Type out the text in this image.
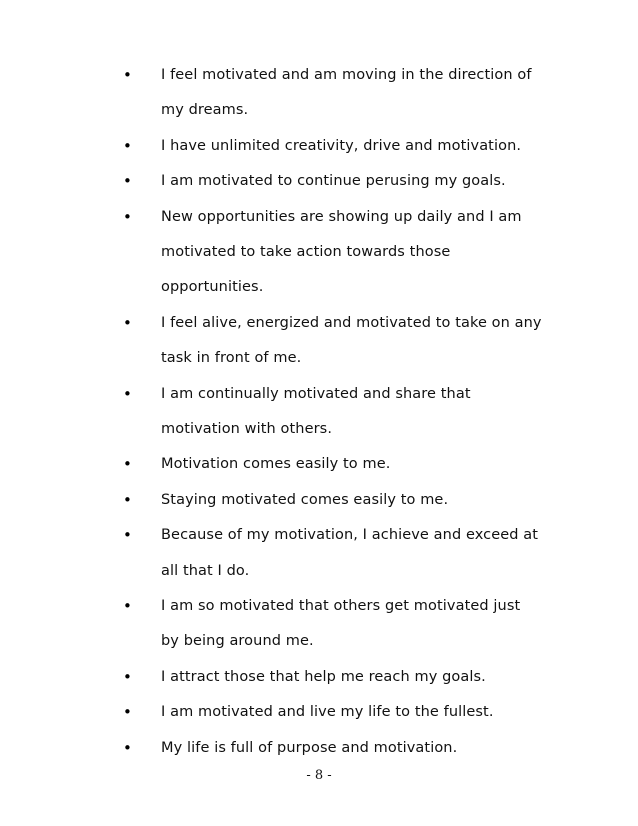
• I feel motivated and am moving in the direction of
my dreams.
• I have unlimited creativity, drive and motivation.
• I am motivated to continue perusing my goals.
• New opportunities are showing up daily and I am
motivated to take action towards those
opportunities.
• I feel alive, energized and motivated to take on any
task in front of me.
• I am continually motivated and share that
motivation with others.
• Motivation comes easily to me.
• Staying motivated comes easily to me.
• Because of my motivation, I achieve and exceed at
all that I do.
• I am so motivated that others get motivated just
by being around me.
• I attract those that help me reach my goals.
• I am motivated and live my life to the fullest.
• My life is full of purpose and motivation.
- 8 -
